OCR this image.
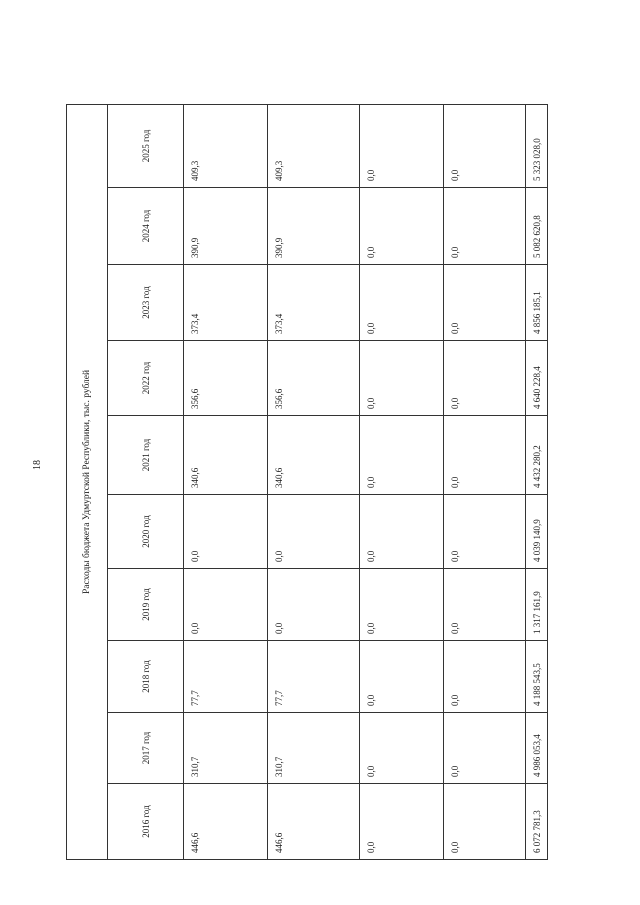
18	Расходы бюджета Удмуртской Республики, тыс. рублей									
2016 год	2017 год	2018 год	2019 год	2020 год	2021 год	2022 год	2023 год	2024 год	2025 год
446,6	310,7	77,7	0,0	0,0	340,6	356,6	373,4	390,9	409,3
446,6	310,7	77,7	0,0	0,0	340,6	356,6	373,4	390,9	409,3
0,0	0,0	0,0	0,0	0,0	0,0	0,0	0,0	0,0	0,0
0,0	0,0	0,0	0,0	0,0	0,0	0,0	0,0	0,0	0,0
6 072 781,3	4 986 053,4	4 188 543,5	1 317 161,9	4 039 140,9	4 432 280,2	4 640 228,4	4 856 185,1	5 082 620,8	5 323 028,0
